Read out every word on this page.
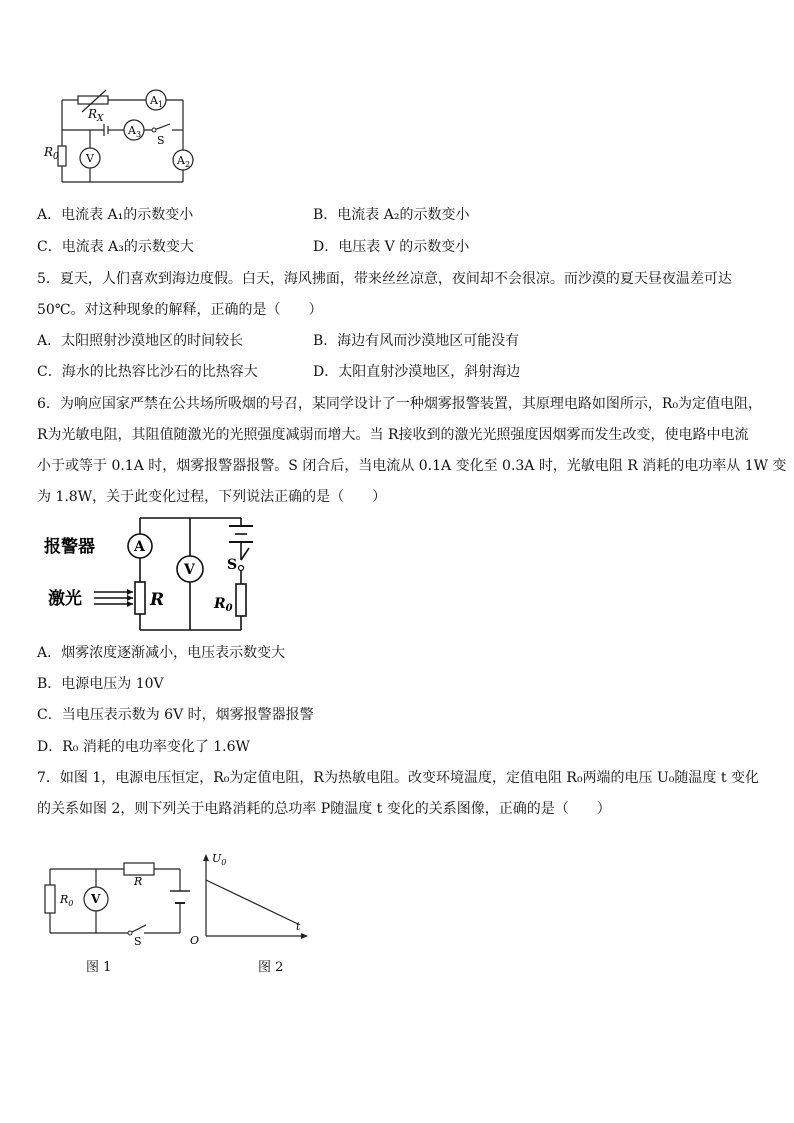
$R_X$
$R_0$
$A_1$
$A_3$
$A_2$
V
S
A．电流表 A₁的示数变小	B．电流表 A₂的示数变小
C．电流表 A₃的示数变大	D．电压表 V 的示数变小
5．夏天，人们喜欢到海边度假。白天，海风拂面，带来丝丝凉意，夜间却不会很凉。而沙漠的夏天昼夜温差可达
50℃。对这种现象的解释，正确的是（　　）
A．太阳照射沙漠地区的时间较长	B．海边有风而沙漠地区可能没有
C．海水的比热容比沙石的比热容大	D．太阳直射沙漠地区，斜射海边
6．为响应国家严禁在公共场所吸烟的号召，某同学设计了一种烟雾报警装置，其原理电路如图所示，R₀为定值电阻，
R为光敏电阻，其阻值随激光的光照强度减弱而增大。当 R接收到的激光光照强度因烟雾而发生改变，使电路中电流
小于或等于 0.1A 时，烟雾报警器报警。S 闭合后，当电流从 0.1A 变化至 0.3A 时，光敏电阻 R 消耗的电功率从 1W 变
为 1.8W，关于此变化过程，下列说法正确的是（　　）
报警器
激光
A
V
R	$R_0$
S
A．烟雾浓度逐渐减小，电压表示数变大
B．电源电压为 10V
C．当电压表示数为 6V 时，烟雾报警器报警
D．R₀ 消耗的电功率变化了 1.6W
7．如图 1，电源电压恒定，R₀为定值电阻，R为热敏电阻。改变环境温度，定值电阻 R₀两端的电压 U₀随温度 t 变化
的关系如图 2，则下列关于电路消耗的总功率 P随温度 t 变化的关系图像，正确的是（　　）
$R_0$
R
V
S
$U_0$
t
O
图 1	图 2
